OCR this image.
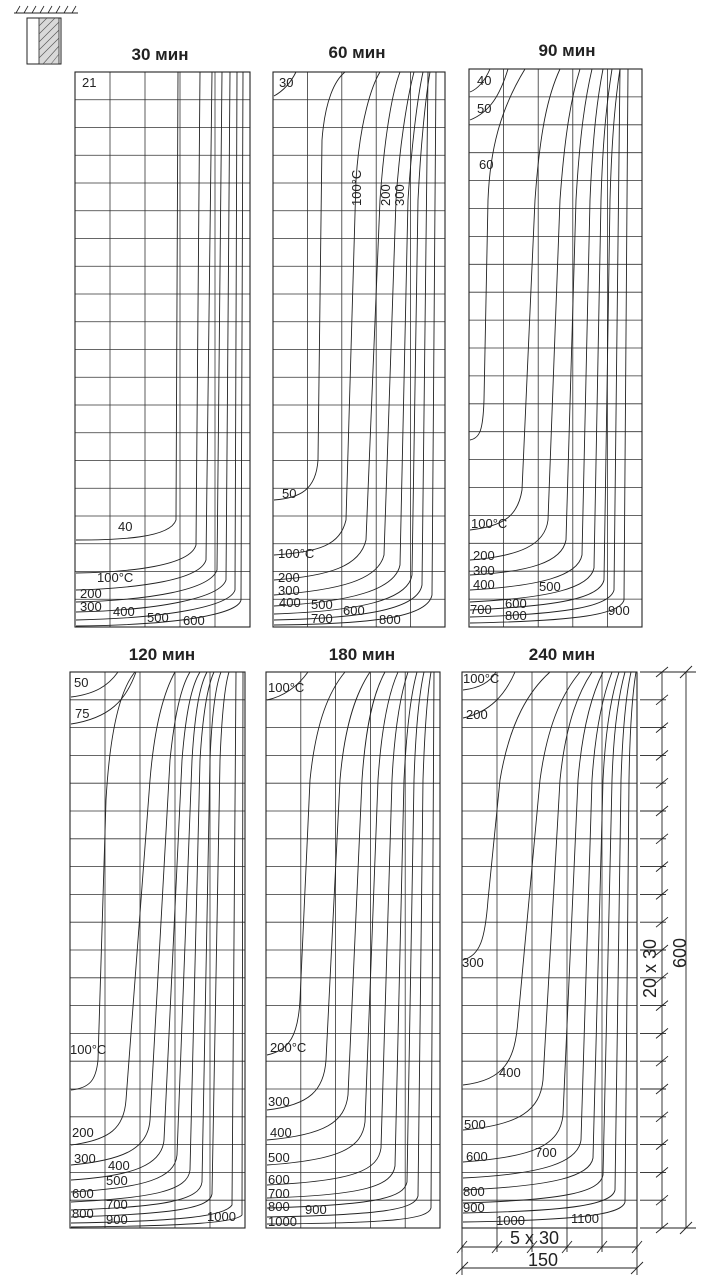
30 мин
21
40
100°C
200
300 400 500 600
60 мин
30
100°C 200 300
50
100°C
200
300
400 500 600
700	800
90 мин
40
50
60
100°C
200
300
400	500
600
700 800	900
120 мин
50
75
100°C
200
300 400
500
600
700
800 900	1000
180 мин
100°C
200°C
300
400
500
600
700
800 900
1000
240 мин
100°C
200
300
400
500
600	700
800
900
1000	1100
20 x 30 600
5 x 30
150
